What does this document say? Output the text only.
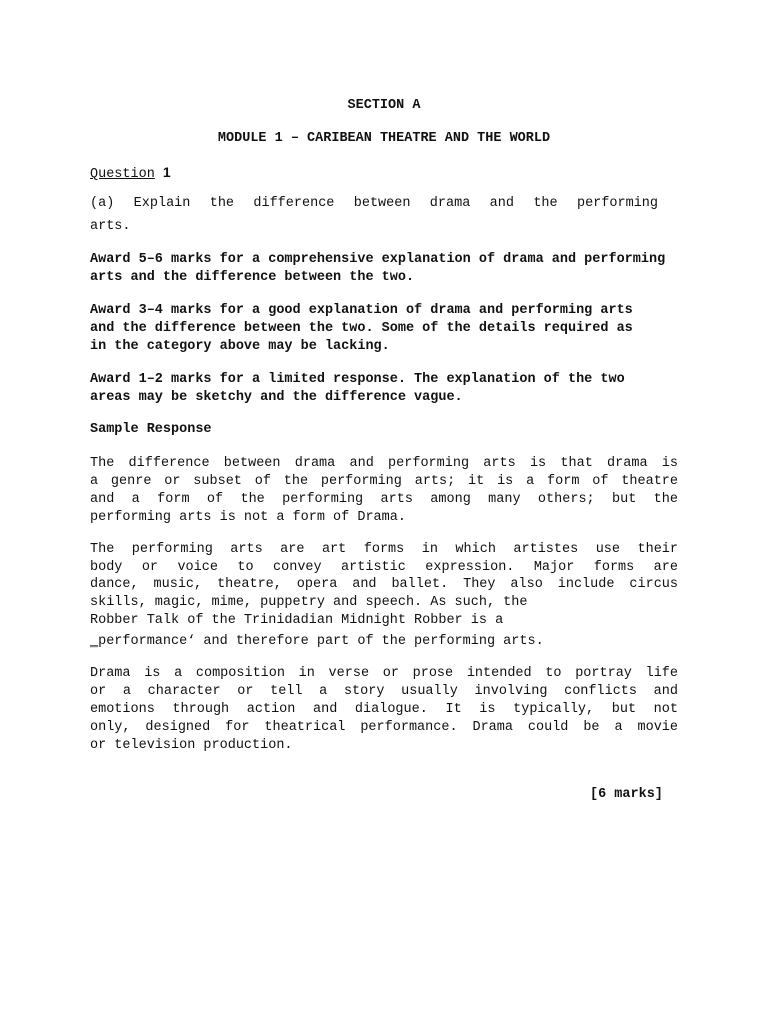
SECTION A
MODULE 1 – CARIBEAN THEATRE AND THE WORLD
Question 1
(a) Explain the difference between drama and the performing
arts.
Award 5–6 marks for a comprehensive explanation of drama and performing
arts and the difference between the two.
Award 3–4 marks for a good explanation of drama and performing arts
and the difference between the two. Some of the details required as
in the category above may be lacking.
Award 1–2 marks for a limited response. The explanation of the two
areas may be sketchy and the difference vague.
Sample Response
The difference between drama and performing arts is that drama is
a genre or subset of the performing arts; it is a form of theatre
and a form of the performing arts among many others; but the
performing arts is not a form of Drama.
The performing arts are art forms in which artistes use their
body or voice to convey artistic expression. Major forms are
dance, music, theatre, opera and ballet. They also include circus
skills, magic, mime, puppetry and speech. As such, the
Robber Talk of the Trinidadian Midnight Robber is a
‗performance‘ and therefore part of the performing arts.
Drama is a composition in verse or prose intended to portray life
or a character or tell a story usually involving conflicts and
emotions through action and dialogue. It is typically, but not
only, designed for theatrical performance. Drama could be a movie
or television production.
[6 marks]
